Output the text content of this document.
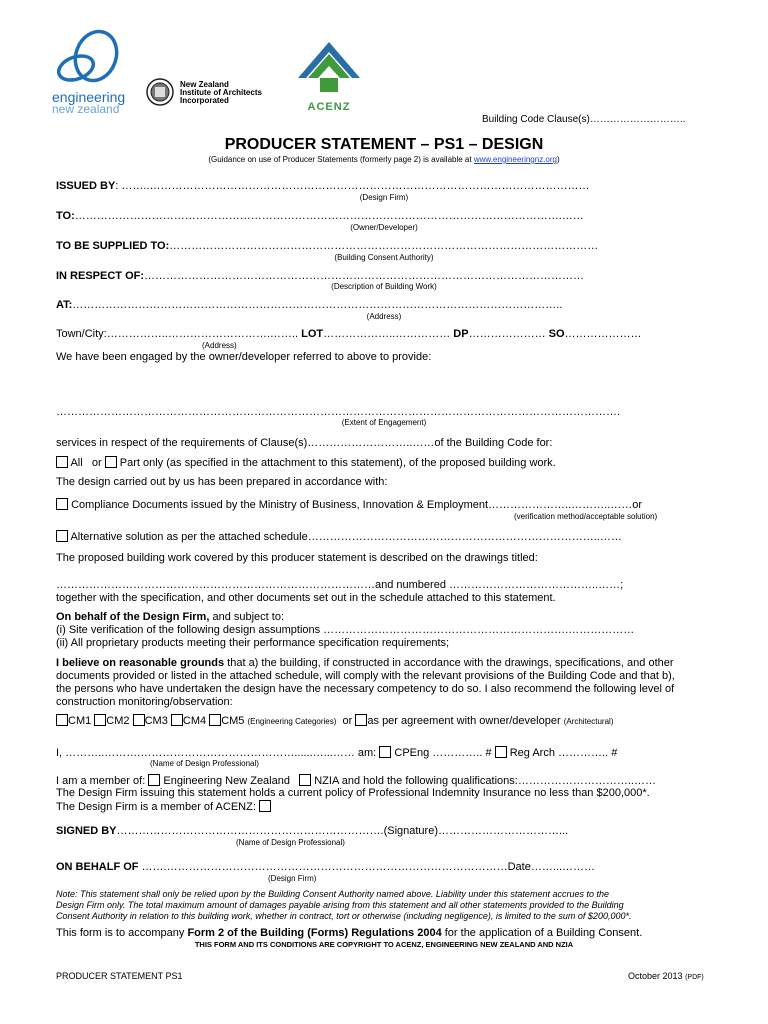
engineering
new zealand
New Zealand
Institute of Architects
Incorporated
ACENZ
Building Code Clause(s)………………………..
PRODUCER STATEMENT – PS1 – DESIGN
(Guidance on use of Producer Statements (formerly page 2) is available at www.engineeringnz.org)
ISSUED BY: ……..…………………………………………………………………………………………………………
(Design Firm)
TO:…………………………………………………………………………………………………………………….……
(Owner/Developer)
TO BE SUPPLIED TO:………………………………………………………………………………………………………
(Building Consent Authority)
IN RESPECT OF:…………………………………………………………………………………………………………
(Description of Building Work)
AT:……………………………………………………………………………………………………………………..
(Address)
Town/City:……………..……………………….…….. LOT………………..…………… DP………………… SO…………………
(Address)
We have been engaged by the owner/developer referred to above to provide:
……………………………………………………………………………………………………………………………………….
(Extent of Engagement)
services in respect of the requirements of Clause(s)………………………..……of the Building Code for:
All or Part only (as specified in the attachment to this statement), of the proposed building work.
The design carried out by us has been prepared in accordance with:
Compliance Documents issued by the Ministry of Business, Innovation & Employment…………………..………..……or
(verification method/acceptable solution)
Alternative solution as per the attached schedule……………………………………………………………………..……
The proposed building work covered by this producer statement is described on the drawings titled:
……………………………………………………………………………and numbered …………………………………..……;
together with the specification, and other documents set out in the schedule attached to this statement.
On behalf of the Design Firm, and subject to:
(i) Site verification of the following design assumptions ………………………………………………………….………………
(ii) All proprietary products meeting their performance specification requirements;
I believe on reasonable grounds that a) the building, if constructed in accordance with the drawings, specifications, and other
documents provided or listed in the attached schedule, will comply with the relevant provisions of the Building Code and that b),
the persons who have undertaken the design have the necessary competency to do so. I also recommend the following level of
construction monitoring/observation:
CM1 CM2 CM3 CM4 CM5 (Engineering Categories) or as per agreement with owner/developer (Architectural)
I, ………..……….……………………………………......…...…… am: CPEng ………….. # Reg Arch ………….. #
(Name of Design Professional)
I am a member of: Engineering New Zealand NZIA and hold the following qualifications:…………………………..……
The Design Firm issuing this statement holds a current policy of Professional Indemnity Insurance no less than $200,000*.
The Design Firm is a member of ACENZ:
SIGNED BY……………………………………………………………….(Signature)……………………………...
(Name of Design Professional)
ON BEHALF OF …….…………………………………………………………………………………Date……...………
(Design Firm)
Note: This statement shall only be relied upon by the Building Consent Authority named above. Liability under this statement accrues to the
Design Firm only. The total maximum amount of damages payable arising from this statement and all other statements provided to the Building
Consent Authority in relation to this building work, whether in contract, tort or otherwise (including negligence), is limited to the sum of $200,000*.
This form is to accompany Form 2 of the Building (Forms) Regulations 2004 for the application of a Building Consent.
THIS FORM AND ITS CONDITIONS ARE COPYRIGHT TO ACENZ, ENGINEERING NEW ZEALAND AND NZIA
PRODUCER STATEMENT PS1	October 2013 (PDF)
